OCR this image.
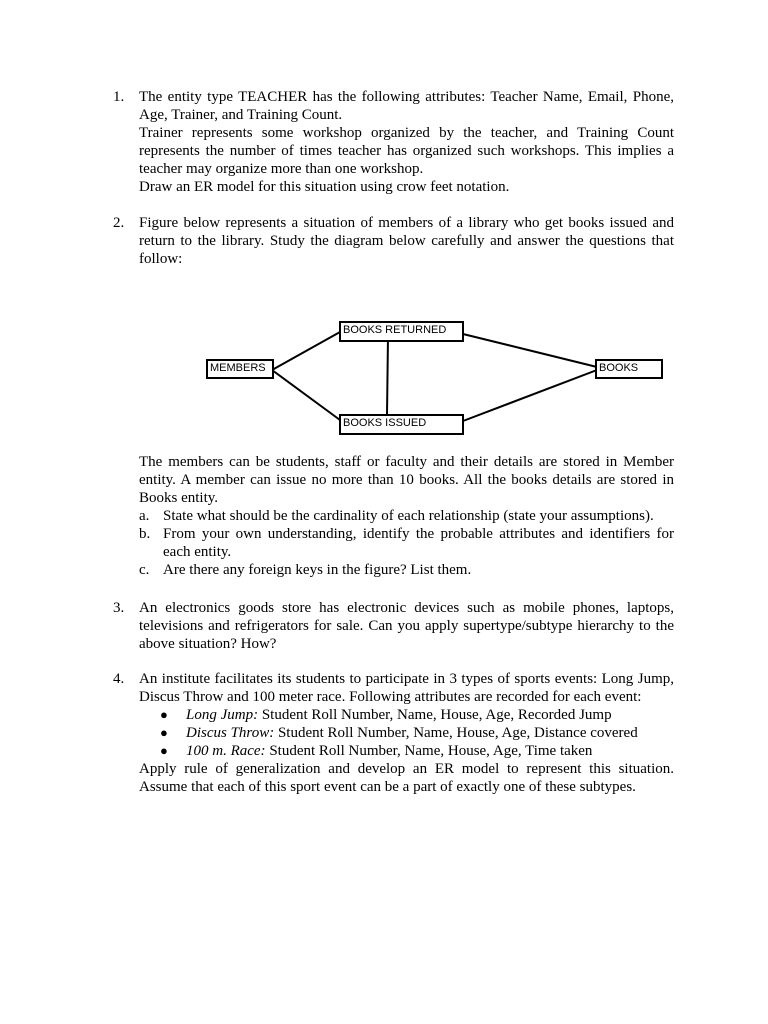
1. The entity type TEACHER has the following attributes: Teacher Name, Email, Phone, Age, Trainer, and Training Count.

Trainer represents some workshop organized by the teacher, and Training Count represents the number of times teacher has organized such workshops. This implies a teacher may organize more than one workshop.

Draw an ER model for this situation using crow feet notation.

2. Figure below represents a situation of members of a library who get books issued and return to the library. Study the diagram below carefully and answer the questions that follow:
MEMBERS
BOOKS RETURNED
BOOKS ISSUED
BOOKS

The members can be students, staff or faculty and their details are stored in Member entity. A member can issue no more than 10 books. All the books details are stored in Books entity.

a. State what should be the cardinality of each relationship (state your assumptions).
b. From your own understanding, identify the probable attributes and identifiers for each entity.
c. Are there any foreign keys in the figure? List them.
3. An electronics goods store has electronic devices such as mobile phones, laptops, televisions and refrigerators for sale. Can you apply supertype/subtype hierarchy to the above situation? How?
4. An institute facilitates its students to participate in 3 types of sports events: Long Jump, Discus Throw and 100 meter race. Following attributes are recorded for each event:

● Long Jump: Student Roll Number, Name, House, Age, Recorded Jump
● Discus Throw: Student Roll Number, Name, House, Age, Distance covered
● 100 m. Race: Student Roll Number, Name, House, Age, Time taken

Apply rule of generalization and develop an ER model to represent this situation. Assume that each of this sport event can be a part of exactly one of these subtypes.
